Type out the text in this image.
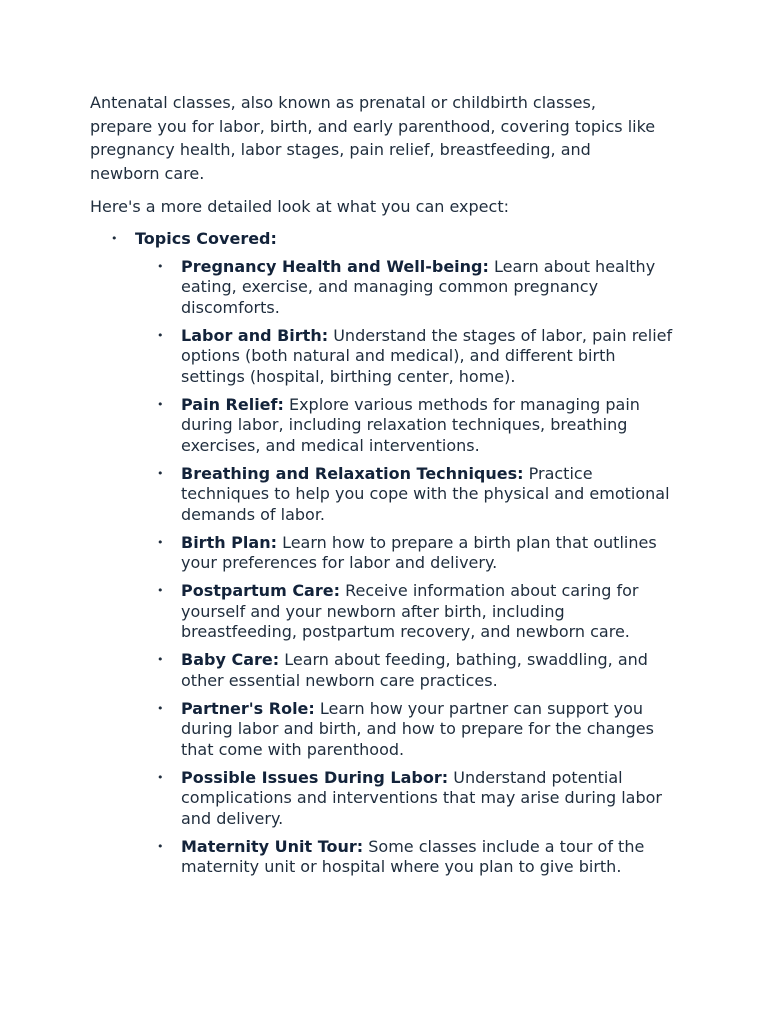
Antenatal classes, also known as prenatal or childbirth classes, prepare you for labor, birth, and early parenthood, covering topics like pregnancy health, labor stages, pain relief, breastfeeding, and newborn care.

Here's a more detailed look at what you can expect:

• Topics Covered:
• Pregnancy Health and Well-being: Learn about healthy eating, exercise, and managing common pregnancy discomforts.
• Labor and Birth: Understand the stages of labor, pain relief options (both natural and medical), and different birth settings (hospital, birthing center, home).
• Pain Relief: Explore various methods for managing pain during labor, including relaxation techniques, breathing exercises, and medical interventions.
• Breathing and Relaxation Techniques: Practice techniques to help you cope with the physical and emotional demands of labor.
• Birth Plan: Learn how to prepare a birth plan that outlines your preferences for labor and delivery.
• Postpartum Care: Receive information about caring for yourself and your newborn after birth, including breastfeeding, postpartum recovery, and newborn care.
• Baby Care: Learn about feeding, bathing, swaddling, and other essential newborn care practices.
• Partner's Role: Learn how your partner can support you during labor and birth, and how to prepare for the changes that come with parenthood.
• Possible Issues During Labor: Understand potential complications and interventions that may arise during labor and delivery.
• Maternity Unit Tour: Some classes include a tour of the maternity unit or hospital where you plan to give birth.
